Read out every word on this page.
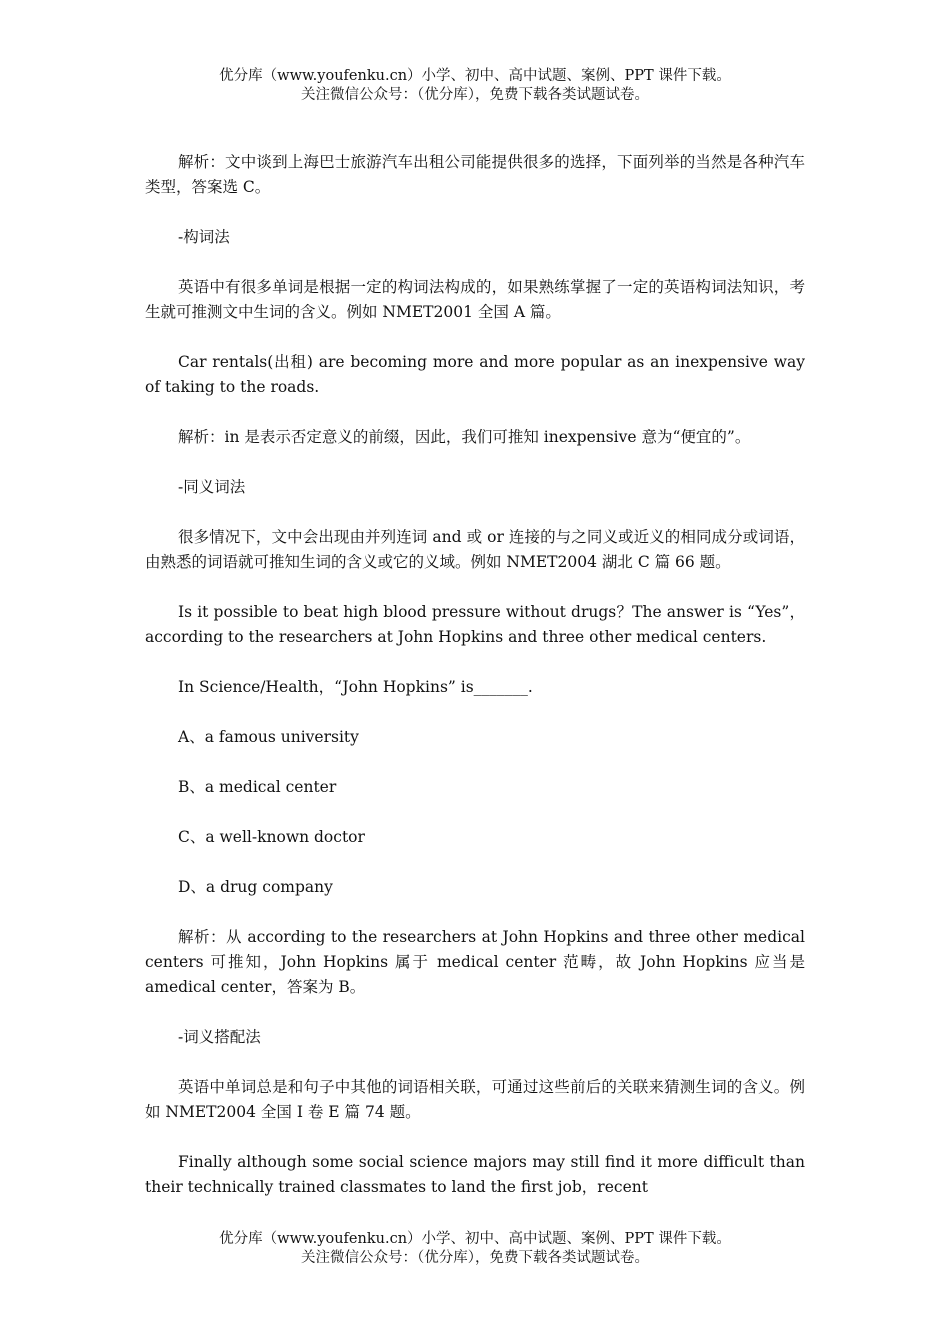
优分库（www.youfenku.cn）小学、初中、高中试题、案例、PPT 课件下载。
关注微信公众号：（优分库），免费下载各类试题试卷。

解析：文中谈到上海巴士旅游汽车出租公司能提供很多的选择，下面列举的当然是各种汽车类型，答案选 C。

-构词法

英语中有很多单词是根据一定的构词法构成的，如果熟练掌握了一定的英语构词法知识，考生就可推测文中生词的含义。例如 NMET2001 全国 A 篇。

Car rentals(出租) are becoming more and more popular as an inexpensive way of taking to the roads.

解析：in 是表示否定意义的前缀，因此，我们可推知 inexpensive 意为“便宜的”。

-同义词法

很多情况下，文中会出现由并列连词 and 或 or 连接的与之同义或近义的相同成分或词语，由熟悉的词语就可推知生词的含义或它的义域。例如 NMET2004 湖北 C 篇 66 题。

Is it possible to beat high blood pressure without drugs？The answer is “Yes”，according to the researchers at John Hopkins and three other medical centers.

In Science/Health，“John Hopkins” is_______.

A、a famous university

B、a medical center

C、a well-known doctor

D、a drug company

解析：从 according to the researchers at John Hopkins and three other medical centers 可推知，John Hopkins 属于 medical center 范畴，故 John Hopkins 应当是 amedical center，答案为 B。

-词义搭配法

英语中单词总是和句子中其他的词语相关联，可通过这些前后的关联来猜测生词的含义。例如 NMET2004 全国 I 卷 E 篇 74 题。

Finally although some social science majors may still find it more difficult than their technically trained classmates to land the first job，recent

优分库（www.youfenku.cn）小学、初中、高中试题、案例、PPT 课件下载。
关注微信公众号：（优分库），免费下载各类试题试卷。
